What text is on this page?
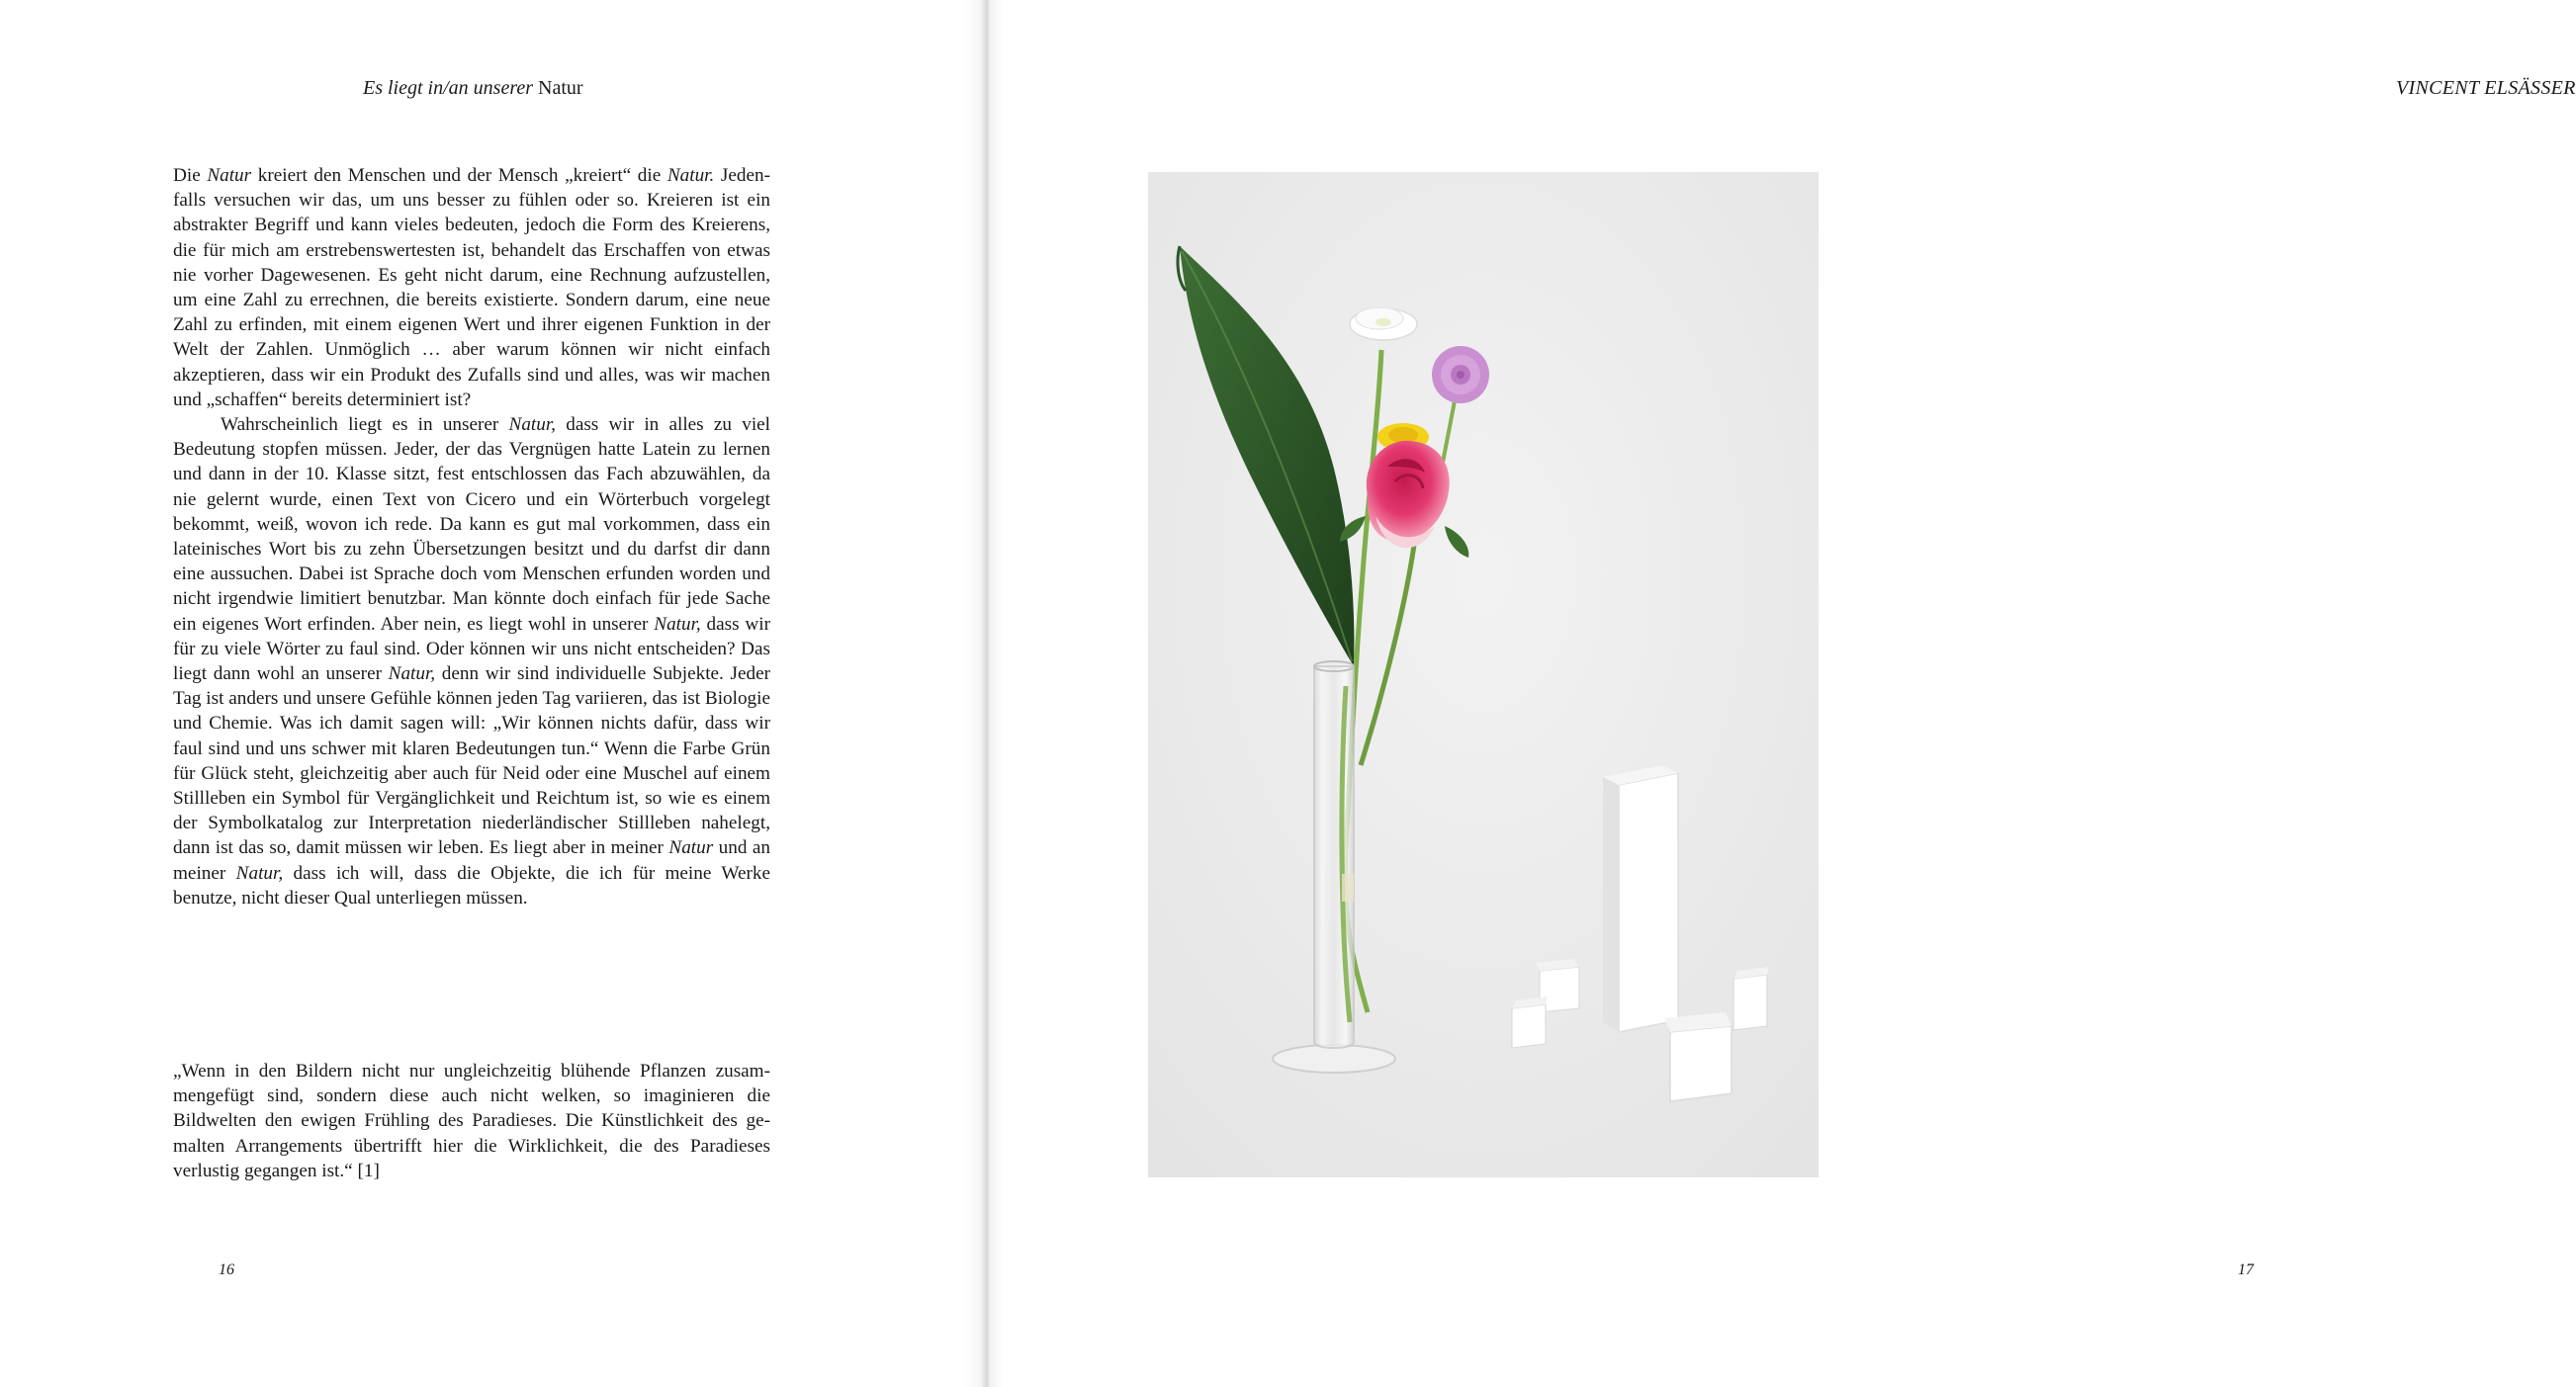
Es liegt in/an unserer Natur

Die Natur kreiert den Menschen und der Mensch „kreiert“ die Natur. Jedenfalls versuchen wir das, um uns besser zu fühlen oder so. Kreieren ist ein abstrakter Begriff und kann vieles bedeuten, jedoch die Form des Kreierens, die für mich am erstrebenswertesten ist, behandelt das Erschaffen von etwas nie vorher Dagewesenen. Es geht nicht darum, eine Rechnung aufzustellen, um eine Zahl zu errechnen, die bereits existierte. Sondern darum, eine neue Zahl zu erfinden, mit einem eigenen Wert und ihrer eigenen Funktion in der Welt der Zahlen. Unmöglich … aber warum können wir nicht einfach akzeptieren, dass wir ein Produkt des Zufalls sind und alles, was wir machen und „schaffen“ bereits determiniert ist?

Wahrscheinlich liegt es in unserer Natur, dass wir in alles zu viel Bedeutung stopfen müssen. Jeder, der das Vergnügen hatte Latein zu lernen und dann in der 10. Klasse sitzt, fest entschlossen das Fach abzuwählen, da nie gelernt wurde, einen Text von Cicero und ein Wörterbuch vorgelegt bekommt, weiß, wovon ich rede. Da kann es gut mal vorkommen, dass ein lateinisches Wort bis zu zehn Übersetzungen besitzt und du darfst dir dann eine aussuchen. Dabei ist Sprache doch vom Menschen erfunden worden und nicht irgendwie limitiert benutzbar. Man könnte doch einfach für jede Sache ein eigenes Wort erfinden. Aber nein, es liegt wohl in unserer Natur, dass wir für zu viele Wörter zu faul sind. Oder können wir uns nicht entscheiden? Das liegt dann wohl an unserer Natur, denn wir sind individuelle Subjekte. Jeder Tag ist anders und unsere Gefühle können jeden Tag variieren, das ist Biologie und Chemie. Was ich damit sagen will: „Wir können nichts dafür, dass wir faul sind und uns schwer mit klaren Bedeutungen tun.“ Wenn die Farbe Grün für Glück steht, gleichzeitig aber auch für Neid oder eine Muschel auf einem Stillleben ein Symbol für Vergänglichkeit und Reichtum ist, so wie es einem der Symbolkatalog zur Interpretation niederländischer Stillleben nahelegt, dann ist das so, damit müssen wir leben. Es liegt aber in meiner Natur und an meiner Natur, dass ich will, dass die Objekte, die ich für meine Werke benutze, nicht dieser Qual unterliegen müssen.

„Wenn in den Bildern nicht nur ungleichzeitig blühende Pflanzen zusammengefügt sind, sondern diese auch nicht welken, so imaginieren die Bildwelten den ewigen Frühling des Paradieses. Die Künstlichkeit des gemalten Arrangements übertrifft hier die Wirklichkeit, die des Paradieses verlustig gegangen ist.“ [1]

16
VINCENT ELSÄSSER
17
